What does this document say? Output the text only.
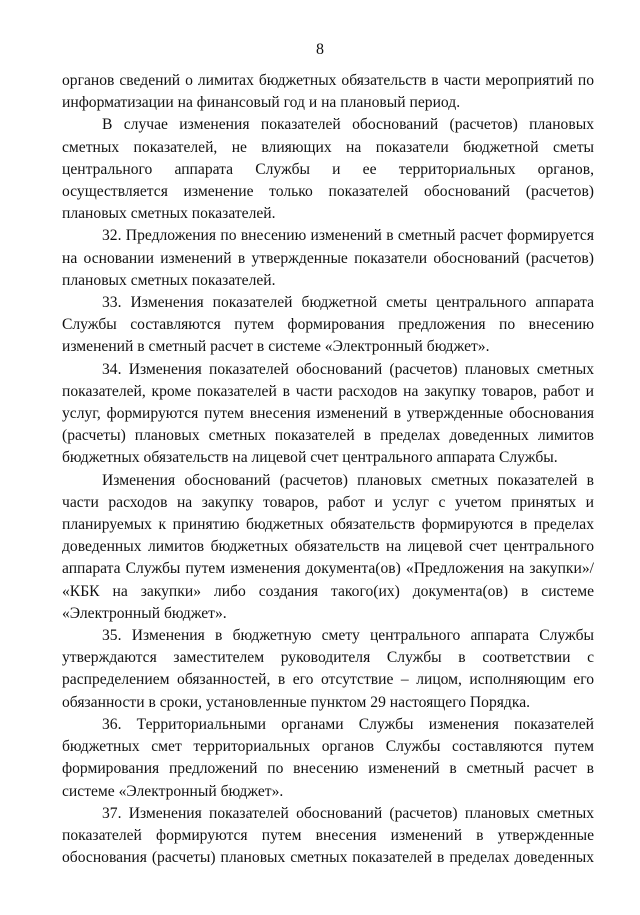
8

органов сведений о лимитах бюджетных обязательств в части мероприятий по информатизации на финансовый год и на плановый период.

В случае изменения показателей обоснований (расчетов) плановых сметных показателей, не влияющих на показатели бюджетной сметы центрального аппарата Службы и ее территориальных органов, осуществляется изменение только показателей обоснований (расчетов) плановых сметных показателей.

32. Предложения по внесению изменений в сметный расчет формируется на основании изменений в утвержденные показатели обоснований (расчетов) плановых сметных показателей.

33. Изменения показателей бюджетной сметы центрального аппарата Службы составляются путем формирования предложения по внесению изменений в сметный расчет в системе «Электронный бюджет».

34. Изменения показателей обоснований (расчетов) плановых сметных показателей, кроме показателей в части расходов на закупку товаров, работ и услуг, формируются путем внесения изменений в утвержденные обоснования (расчеты) плановых сметных показателей в пределах доведенных лимитов бюджетных обязательств на лицевой счет центрального аппарата Службы.

Изменения обоснований (расчетов) плановых сметных показателей в части расходов на закупку товаров, работ и услуг с учетом принятых и планируемых к принятию бюджетных обязательств формируются в пределах доведенных лимитов бюджетных обязательств на лицевой счет центрального аппарата Службы путем изменения документа(ов) «Предложения на закупки»/ «КБК на закупки» либо создания такого(их) документа(ов) в системе «Электронный бюджет».

35. Изменения в бюджетную смету центрального аппарата Службы утверждаются заместителем руководителя Службы в соответствии с распределением обязанностей, в его отсутствие – лицом, исполняющим его обязанности в сроки, установленные пунктом 29 настоящего Порядка.

36. Территориальными органами Службы изменения показателей бюджетных смет территориальных органов Службы составляются путем формирования предложений по внесению изменений в сметный расчет в системе «Электронный бюджет».

37. Изменения показателей обоснований (расчетов) плановых сметных показателей формируются путем внесения изменений в утвержденные обоснования (расчеты) плановых сметных показателей в пределах доведенных
